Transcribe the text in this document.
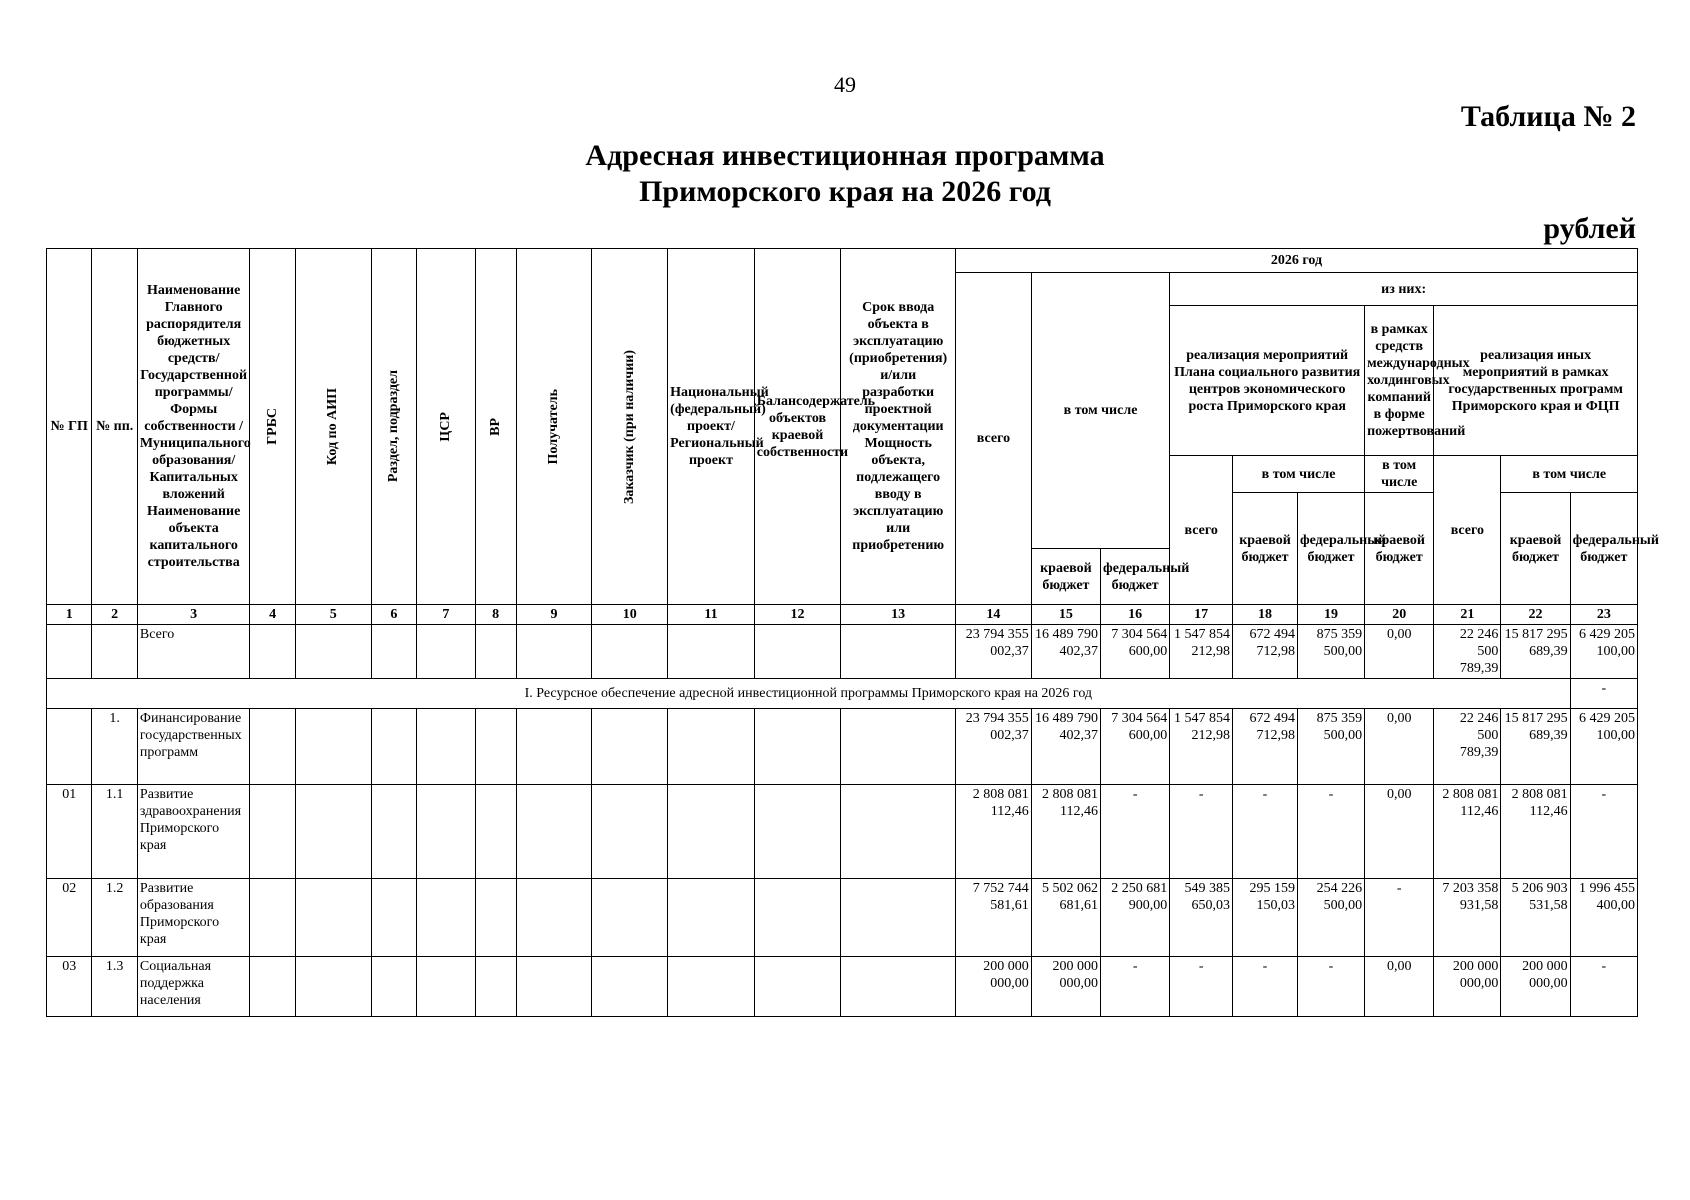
49
Таблица № 2
Адресная инвестиционная программа
Приморского края на 2026 год
рублей
№ ГП	№ пп.	Наименование Главного распорядителя бюджетных средств/Государственной программы/ Формы собственности /Муниципального образования/Капитальных вложений Наименование объекта капитального строительства	ГРБС	Код по АИП	Раздел, подраздел	ЦСР	ВР	Получатель	Заказчик (при наличии)	Национальный (федеральный) проект/ Региональный проект	Балансодержатель объектов краевой собственности	Срок ввода объекта в эксплуатацию (приобретения) и/или разработки проектной документации Мощность объекта, подлежащего вводу в эксплуатацию или приобретению	2026 год									
													всего	в том числе		из них:						
																реализация мероприятий Плана социального развития центров экономического роста Приморского края			в рамках средств международных холдинговых компаний в форме пожертвований	реализация иных мероприятий в рамках государственных программ Приморского края и ФЦП		
																всего	в том числе		в том числе	всего	в том числе	
																	краевой бюджет	федеральный бюджет	краевой бюджет		краевой бюджет	федеральный бюджет
														краевой бюджет	федеральный бюджет							
1	2	3	4	5	6	7	8	9	10	11	12	13	14	15	16	17	18	19	20	21	22	23
		Всего											23 794 355 002,37	16 489 790 402,37	7 304 564 600,00	1 547 854 212,98	672 494 712,98	875 359 500,00	0,00	22 246 500 789,39	15 817 295 689,39	6 429 205 100,00
I. Ресурсное обеспечение адресной инвестиционной программы Приморского края на 2026 год																						-
	1.	Финансирование государственных программ											23 794 355 002,37	16 489 790 402,37	7 304 564 600,00	1 547 854 212,98	672 494 712,98	875 359 500,00	0,00	22 246 500 789,39	15 817 295 689,39	6 429 205 100,00
01	1.1	Развитие здравоохранения Приморского края											2 808 081 112,46	2 808 081 112,46	-	-	-	-	0,00	2 808 081 112,46	2 808 081 112,46	-
02	1.2	Развитие образования Приморского края											7 752 744 581,61	5 502 062 681,61	2 250 681 900,00	549 385 650,03	295 159 150,03	254 226 500,00	-	7 203 358 931,58	5 206 903 531,58	1 996 455 400,00
03	1.3	Социальная поддержка населения											200 000 000,00	200 000 000,00	-	-	-	-	0,00	200 000 000,00	200 000 000,00	-
